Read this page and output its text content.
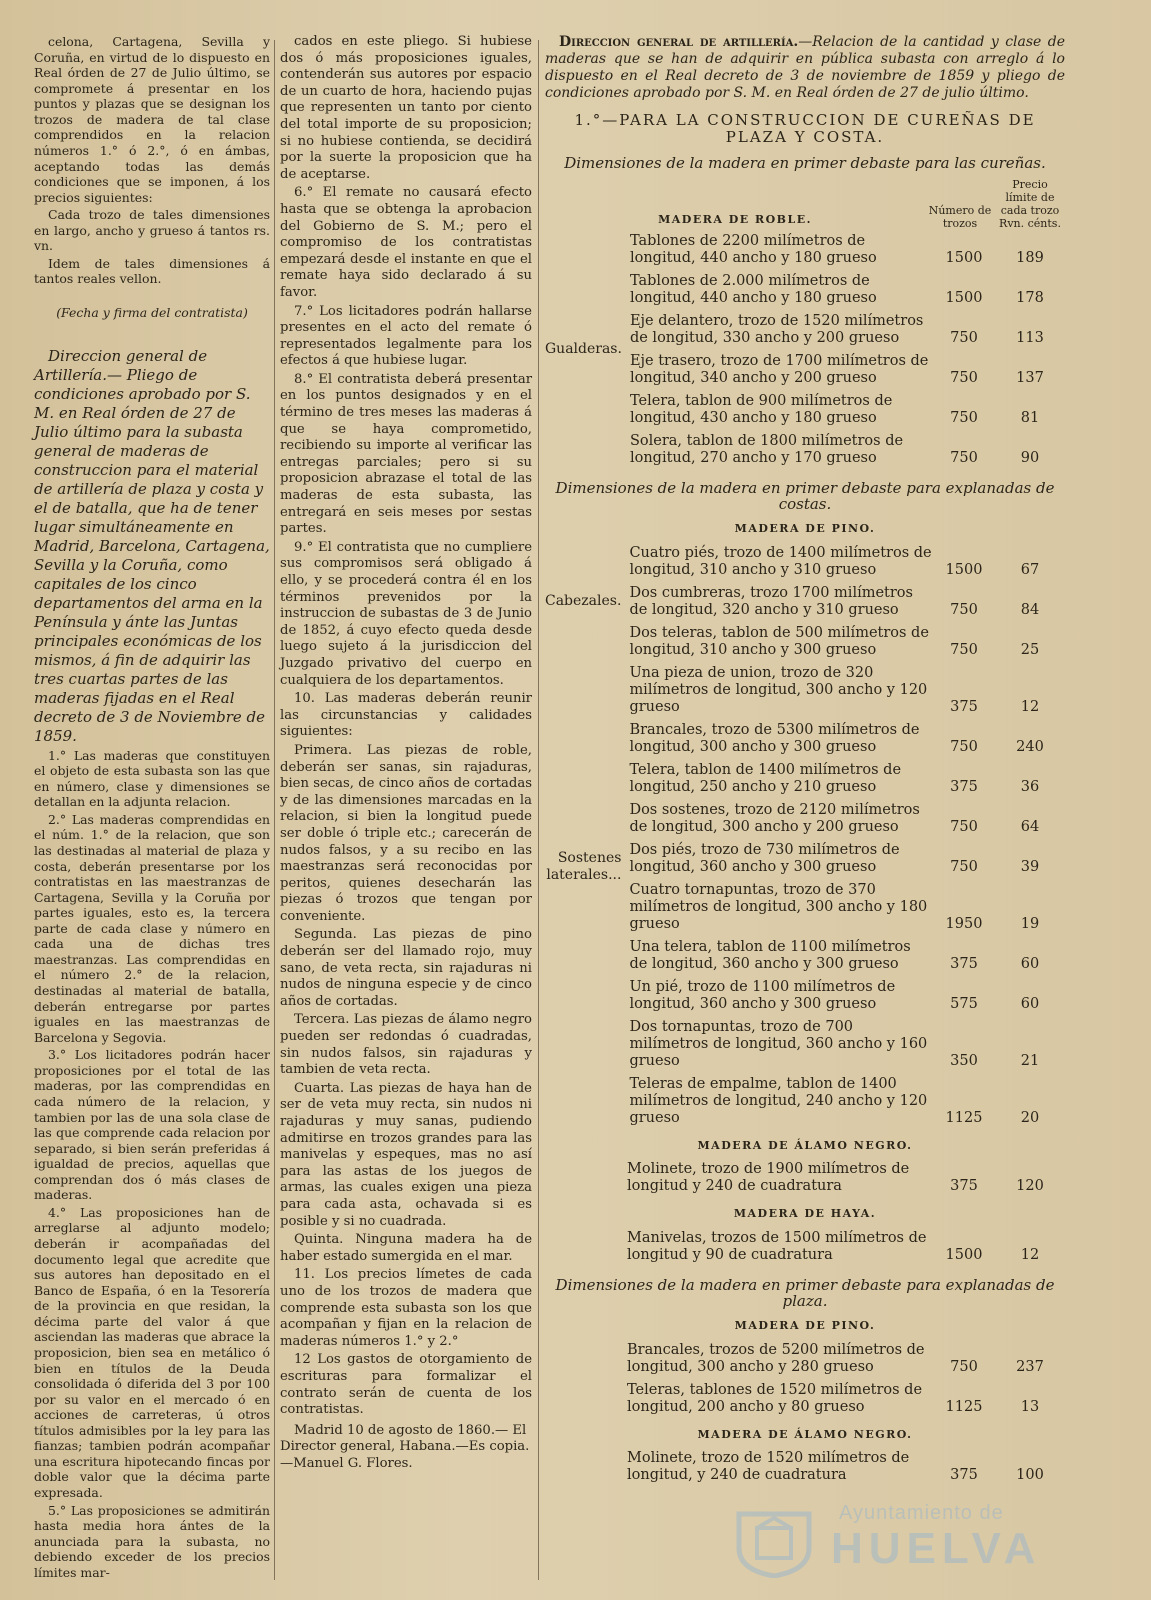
celona, Cartagena, Sevilla y Coruña, en virtud de lo dispuesto en Real órden de 27 de Julio último, se compromete á presentar en los puntos y plazas que se designan los trozos de madera de tal clase comprendidos en la relacion números 1.° ó 2.°, ó en ámbas, aceptando todas las demás condiciones que se imponen, á los precios siguientes:

Cada trozo de tales dimensiones en largo, ancho y grueso á tantos rs. vn.

Idem de tales dimensiones á tantos reales vellon.

(Fecha y firma del contratista)

Direccion general de Artillería.— Pliego de condiciones aprobado por S. M. en Real órden de 27 de Julio último para la subasta general de maderas de construccion para el material de artillería de plaza y costa y el de batalla, que ha de tener lugar simultáneamente en Madrid, Barcelona, Cartagena, Sevilla y la Coruña, como capitales de los cinco departamentos del arma en la Península y ánte las Juntas principales económicas de los mismos, á fin de adquirir las tres cuartas partes de las maderas fijadas en el Real decreto de 3 de Noviembre de 1859.

1.° Las maderas que constituyen el objeto de esta subasta son las que en número, clase y dimensiones se detallan en la adjunta relacion.

2.° Las maderas comprendidas en el núm. 1.° de la relacion, que son las destinadas al material de plaza y costa, deberán presentarse por los contratistas en las maestranzas de Cartagena, Sevilla y la Coruña por partes iguales, esto es, la tercera parte de cada clase y número en cada una de dichas tres maestranzas. Las comprendidas en el número 2.° de la relacion, destinadas al material de batalla, deberán entregarse por partes iguales en las maestranzas de Barcelona y Segovia.

3.° Los licitadores podrán hacer proposiciones por el total de las maderas, por las comprendidas en cada número de la relacion, y tambien por las de una sola clase de las que comprende cada relacion por separado, si bien serán preferidas á igualdad de precios, aquellas que comprendan dos ó más clases de maderas.

4.° Las proposiciones han de arreglarse al adjunto modelo; deberán ir acompañadas del documento legal que acredite que sus autores han depositado en el Banco de España, ó en la Tesorería de la provincia en que residan, la décima parte del valor á que asciendan las maderas que abrace la proposicion, bien sea en metálico ó bien en títulos de la Deuda consolidada ó diferida del 3 por 100 por su valor en el mercado ó en acciones de carreteras, ú otros títulos admisibles por la ley para las fianzas; tambien podrán acompañar una escritura hipotecando fincas por doble valor que la décima parte expresada.

5.° Las proposiciones se admitirán hasta media hora ántes de la anunciada para la subasta, no debiendo exceder de los precios límites mar-

cados en este pliego. Si hubiese dos ó más proposiciones iguales, contenderán sus autores por espacio de un cuarto de hora, haciendo pujas que representen un tanto por ciento del total importe de su proposicion; si no hubiese contienda, se decidirá por la suerte la proposicion que ha de aceptarse.

6.° El remate no causará efecto hasta que se obtenga la aprobacion del Gobierno de S. M.; pero el compromiso de los contratistas empezará desde el instante en que el remate haya sido declarado á su favor.

7.° Los licitadores podrán hallarse presentes en el acto del remate ó representados legalmente para los efectos á que hubiese lugar.

8.° El contratista deberá presentar en los puntos designados y en el término de tres meses las maderas á que se haya comprometido, recibiendo su importe al verificar las entregas parciales; pero si su proposicion abrazase el total de las maderas de esta subasta, las entregará en seis meses por sestas partes.

9.° El contratista que no cumpliere sus compromisos será obligado á ello, y se procederá contra él en los términos prevenidos por la instruccion de subastas de 3 de Junio de 1852, á cuyo efecto queda desde luego sujeto á la jurisdiccion del Juzgado privativo del cuerpo en cualquiera de los departamentos.

10. Las maderas deberán reunir las circunstancias y calidades siguientes:

Primera. Las piezas de roble, deberán ser sanas, sin rajaduras, bien secas, de cinco años de cortadas y de las dimensiones marcadas en la relacion, si bien la longitud puede ser doble ó triple etc.; carecerán de nudos falsos, y a su recibo en las maestranzas será reconocidas por peritos, quienes desecharán las piezas ó trozos que tengan por conveniente.

Segunda. Las piezas de pino deberán ser del llamado rojo, muy sano, de veta recta, sin rajaduras ni nudos de ninguna especie y de cinco años de cortadas.

Tercera. Las piezas de álamo negro pueden ser redondas ó cuadradas, sin nudos falsos, sin rajaduras y tambien de veta recta.

Cuarta. Las piezas de haya han de ser de veta muy recta, sin nudos ni rajaduras y muy sanas, pudiendo admitirse en trozos grandes para las manivelas y espeques, mas no así para las astas de los juegos de armas, las cuales exigen una pieza para cada asta, ochavada si es posible y si no cuadrada.

Quinta. Ninguna madera ha de haber estado sumergida en el mar.

11. Los precios límetes de cada uno de los trozos de madera que comprende esta subasta son los que acompañan y fijan en la relacion de maderas números 1.° y 2.°

12 Los gastos de otorgamiento de escrituras para formalizar el contrato serán de cuenta de los contratistas.

Madrid 10 de agosto de 1860.— El Director general, Habana.—Es copia.—Manuel G. Flores.

Direccion general de artillería.—Relacion de la cantidad y clase de maderas que se han de adquirir en pública subasta con arreglo á lo dispuesto en el Real decreto de 3 de noviembre de 1859 y pliego de condiciones aprobado por S. M. en Real órden de 27 de julio último.

1.°—PARA LA CONSTRUCCION DE CUREÑAS DE PLAZA Y COSTA.
Dimensiones de la madera en primer debaste para las cureñas.
MADERA DE ROBLE.
Número de trozos
Precio límite de cada trozo Rvn. cénts.
Gualderas.	Tablones de 2200 milímetros de longitud, 440 ancho y 180 grueso	1500	189
	Tablones de 2.000 milímetros de longitud, 440 ancho y 180 grueso	1500	178
	Eje delantero, trozo de 1520 milímetros de longitud, 330 ancho y 200 grueso	750	113
	Eje trasero, trozo de 1700 milímetros de longitud, 340 ancho y 200 grueso	750	137
	Telera, tablon de 900 milímetros de longitud, 430 ancho y 180 grueso	750	81
	Solera, tablon de 1800 milímetros de longitud, 270 ancho y 170 grueso	750	90
Dimensiones de la madera en primer debaste para explanadas de costas.
MADERA DE PINO.
Cabezales.	Cuatro piés, trozo de 1400 milímetros de longitud, 310 ancho y 310 grueso	1500	67
	Dos cumbreras, trozo 1700 milímetros de longitud, 320 ancho y 310 grueso	750	84
	Dos teleras, tablon de 500 milímetros de longitud, 310 ancho y 300 grueso	750	25
	Una pieza de union, trozo de 320 milímetros de longitud, 300 ancho y 120 grueso	375	12
	Brancales, trozo de 5300 milímetros de longitud, 300 ancho y 300 grueso	750	240
	Telera, tablon de 1400 milímetros de longitud, 250 ancho y 210 grueso	375	36
Sostenes laterales...	Dos sostenes, trozo de 2120 milímetros de longitud, 300 ancho y 200 grueso	750	64
	Dos piés, trozo de 730 milímetros de longitud, 360 ancho y 300 grueso	750	39
	Cuatro tornapuntas, trozo de 370 milímetros de longitud, 300 ancho y 180 grueso	1950	19
	Una telera, tablon de 1100 milímetros de longitud, 360 ancho y 300 grueso	375	60
	Un pié, trozo de 1100 milímetros de longitud, 360 ancho y 300 grueso	575	60
	Dos tornapuntas, trozo de 700 milímetros de longitud, 360 ancho y 160 grueso	350	21
	Teleras de empalme, tablon de 1400 milímetros de longitud, 240 ancho y 120 grueso	1125	20
MADERA DE ÁLAMO NEGRO.
	Molinete, trozo de 1900 milímetros de longitud y 240 de cuadratura	375	120
MADERA DE HAYA.
	Manivelas, trozos de 1500 milímetros de longitud y 90 de cuadratura	1500	12
Dimensiones de la madera en primer debaste para explanadas de plaza.
MADERA DE PINO.
	Brancales, trozos de 5200 milímetros de longitud, 300 ancho y 280 grueso	750	237
	Teleras, tablones de 1520 milímetros de longitud, 200 ancho y 80 grueso	1125	13
MADERA DE ÁLAMO NEGRO.
	Molinete, trozo de 1520 milímetros de longitud, y 240 de cuadratura	375	100
Ayuntamiento de
HUELVA
